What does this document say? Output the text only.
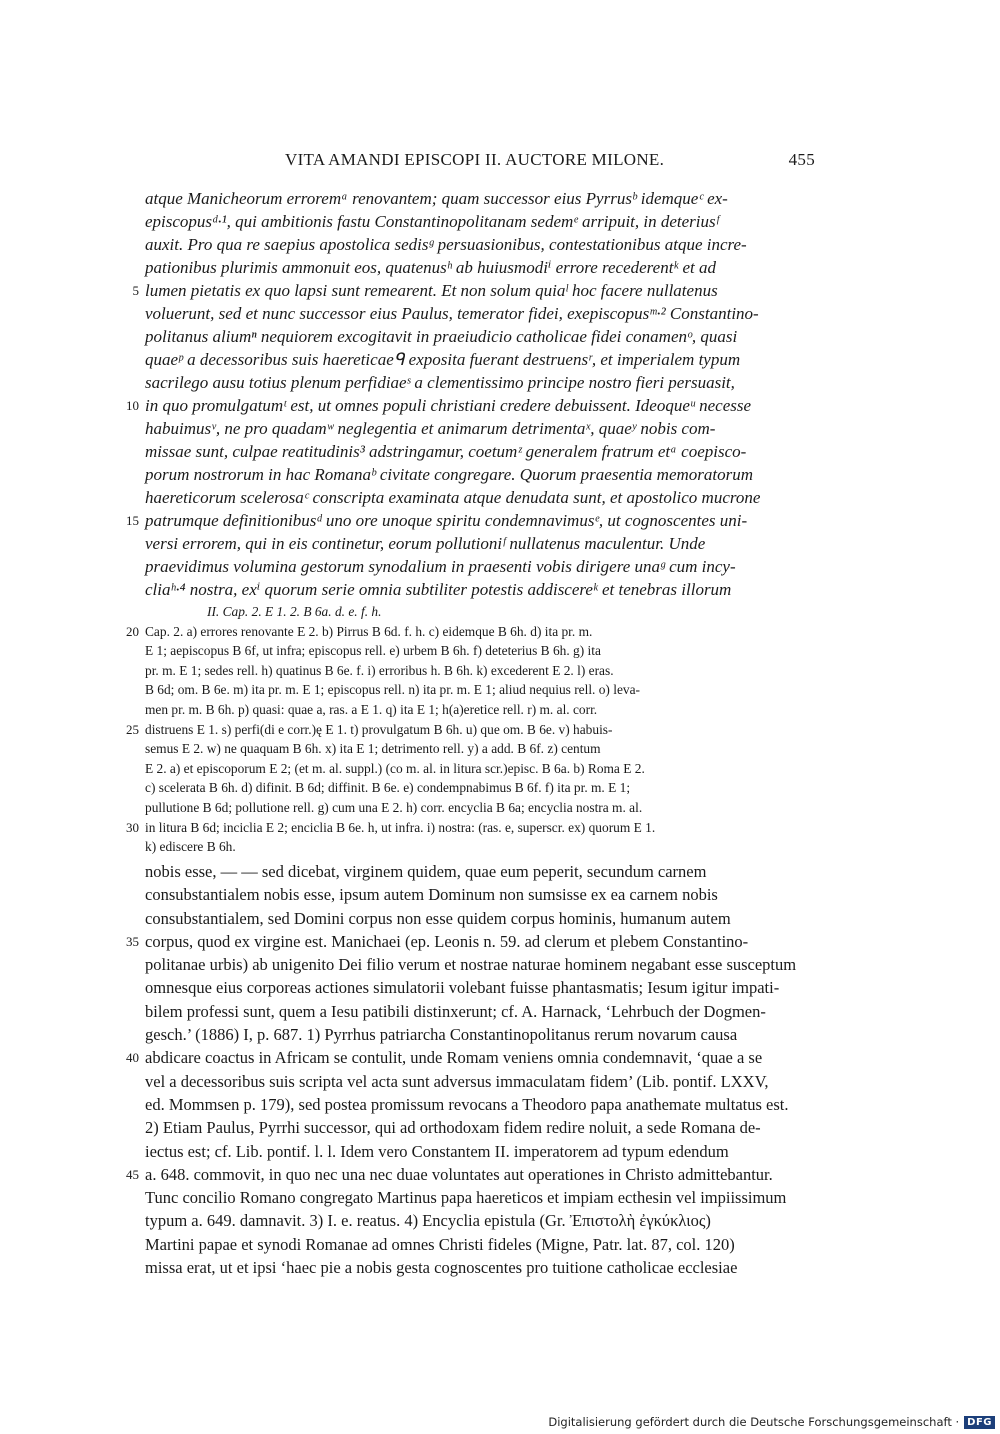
VITA AMANDI EPISCOPI II. AUCTORE MILONE.	455
atque Manicheorum erroremᵃ renovantem; quam successor eius Pyrrusᵇ idemqueᶜ ex-
episcopusᵈ·¹, qui ambitionis fastu Constantinopolitanam sedemᵉ arripuit, in deteriusᶠ
auxit. Pro qua re saepius apostolica sedisᵍ persuasionibus, contestationibus atque incre-
pationibus plurimis ammonuit eos, quatenusʰ ab huiusmodiⁱ errore recederentᵏ et ad
5 lumen pietatis ex quo lapsi sunt remearent. Et non solum quiaˡ hoc facere nullatenus
voluerunt, sed et nunc successor eius Paulus, temerator fidei, exepiscopusᵐ·² Constantino-
politanus aliumⁿ nequiorem excogitavit in praeiudicio catholicae fidei conamenᵒ, quasi
quaeᵖ a decessoribus suis haereticaeᑫ exposita fuerant destruensʳ, et imperialem typum
sacrilego ausu totius plenum perfidiaeˢ a clementissimo principe nostro fieri persuasit,
10 in quo promulgatumᵗ est, ut omnes populi christiani credere debuissent. Ideoqueᵘ necesse
habuimusᵛ, ne pro quadamʷ neglegentia et animarum detrimentaˣ, quaeʸ nobis com-
missae sunt, culpae reatitudinis³ adstringamur, coetumᶻ generalem fratrum etᵃ coepisco-
porum nostrorum in hac Romanaᵇ civitate congregare. Quorum praesentia memoratorum
haereticorum scelerosaᶜ conscripta examinata atque denudata sunt, et apostolico mucrone
15 patrumque definitionibusᵈ uno ore unoque spiritu condemnavimusᵉ, ut cognoscentes uni-
versi errorem, qui in eis continetur, eorum pollutioniᶠ nullatenus maculentur. Unde
praevidimus volumina gestorum synodalium in praesenti vobis dirigere unaᵍ cum incy-
cliaʰ·⁴ nostra, exⁱ quorum serie omnia subtiliter potestis addiscereᵏ et tenebras illorum
II. Cap. 2. E 1. 2. B 6a. d. e. f. h.
20 Cap. 2. a) errores renovante E 2. b) Pirrus B 6d. f. h. c) eidemque B 6h. d) ita pr. m.
E 1; aepiscopus B 6f, ut infra; episcopus rell. e) urbem B 6h. f) deteterius B 6h. g) ita
pr. m. E 1; sedes rell. h) quatinus B 6e. f. i) erroribus h. B 6h. k) excederent E 2. l) eras.
B 6d; om. B 6e. m) ita pr. m. E 1; episcopus rell. n) ita pr. m. E 1; aliud nequius rell. o) leva-
men pr. m. B 6h. p) quasi: quae a, ras. a E 1. q) ita E 1; h(a)eretice rell. r) m. al. corr.
25 distruens E 1. s) perfi(di e corr.)ę E 1. t) provulgatum B 6h. u) que om. B 6e. v) habuis-
semus E 2. w) ne quaquam B 6h. x) ita E 1; detrimento rell. y) a add. B 6f. z) centum
E 2. a) et episcoporum E 2; (et m. al. suppl.) (co m. al. in litura scr.)episc. B 6a. b) Roma E 2.
c) scelerata B 6h. d) difinit. B 6d; diffinit. B 6e. e) condempnabimus B 6f. f) ita pr. m. E 1;
pullutione B 6d; pollutione rell. g) cum una E 2. h) corr. encyclia B 6a; encyclia nostra m. al.
30 in litura B 6d; inciclia E 2; enciclia B 6e. h, ut infra. i) nostra: (ras. e, superscr. ex) quorum E 1.
k) ediscere B 6h.
nobis esse, — — sed dicebat, virginem quidem, quae eum peperit, secundum carnem
consubstantialem nobis esse, ipsum autem Dominum non sumsisse ex ea carnem nobis
consubstantialem, sed Domini corpus non esse quidem corpus hominis, humanum autem
35 corpus, quod ex virgine est. Manichaei (ep. Leonis n. 59. ad clerum et plebem Constantino-
politanae urbis) ab unigenito Dei filio verum et nostrae naturae hominem negabant esse susceptum
omnesque eius corporeas actiones simulatorii volebant fuisse phantasmatis; Iesum igitur impati-
bilem professi sunt, quem a Iesu patibili distinxerunt; cf. A. Harnack, ‘Lehrbuch der Dogmen-
gesch.’ (1886) I, p. 687. 1) Pyrrhus patriarcha Constantinopolitanus rerum novarum causa
40 abdicare coactus in Africam se contulit, unde Romam veniens omnia condemnavit, ‘quae a se
vel a decessoribus suis scripta vel acta sunt adversus immaculatam fidem’ (Lib. pontif. LXXV,
ed. Mommsen p. 179), sed postea promissum revocans a Theodoro papa anathemate multatus est.
2) Etiam Paulus, Pyrrhi successor, qui ad orthodoxam fidem redire noluit, a sede Romana de-
iectus est; cf. Lib. pontif. l. l. Idem vero Constantem II. imperatorem ad typum edendum
45 a. 648. commovit, in quo nec una nec duae voluntates aut operationes in Christo admittebantur.
Tunc concilio Romano congregato Martinus papa haereticos et impiam ecthesin vel impiissimum
typum a. 649. damnavit. 3) I. e. reatus. 4) Encyclia epistula (Gr. Ἐπιστολὴ ἐγκύκλιος)
Martini papae et synodi Romanae ad omnes Christi fideles (Migne, Patr. lat. 87, col. 120)
missa erat, ut et ipsi ‘haec pie a nobis gesta cognoscentes pro tuitione catholicae ecclesiae
Digitalisierung gefördert durch die Deutsche Forschungsgemeinschaft · DFG
